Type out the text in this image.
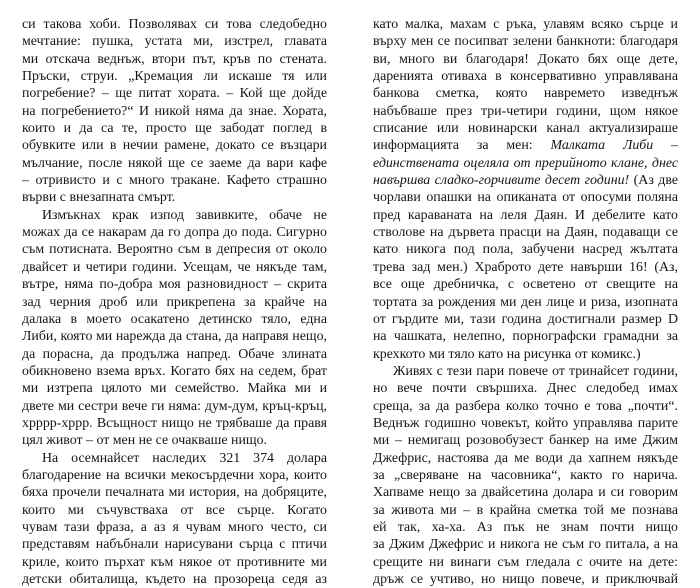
си такова хоби. Позволявах си това следобедно
мечтание: пушка, устата ми, изстрел, главата
ми отскача веднъж, втори път, кръв по стената.
Пръски, струи. „Кремация ли искаше тя или
погребение? – ще питат хората. – Кой ще дойде
на погребението?“ И никой няма да знае. Хората,
които и да са те, просто ще забодат поглед в
обувките или в нечии рамене, докато се възцари
мълчание, после някой ще се заеме да вари кафе
– отривисто и с много тракане. Кафето страшно
върви с внезапната смърт.
Измъкнах крак изпод завивките, обаче не
можах да се накарам да го допра до пода. Сигурно
съм потисната. Вероятно съм в депресия от около
двайсет и четири години. Усещам, че някъде там,
вътре, няма по-добра моя разновидност – скрита
зад черния дроб или прикрепена за крайче на
далака в моето осакатено детинско тяло, една
Либи, която ми нарежда да стана, да направя нещо,
да порасна, да продължа напред. Обаче злината
обикновено взема връх. Когато бях на седем, брат
ми изтрепа цялото ми семейство. Майка ми и
двете ми сестри вече ги няма: дум-дум, кръц-кръц,
хрррр-хррр. Всъщност нищо не трябваше да правя
цял живот – от мен не се очакваше нищо.
На осемнайсет наследих 321 374 долара
благодарение на всички мекосърдечни хора, които
бяха прочели печалната ми история, на добряците,
които ми съчувстваха от все сърце. Когато
чувам тази фраза, а аз я чувам много често, си
представям набъбнали нарисувани сърца с птичи
криле, които пърхат към някое от противните ми
детски обиталища, където на прозореца седя аз
като малка, махам с ръка, улавям всяко сърце и
върху мен се посипват зелени банкноти: благодаря
ви, много ви благодаря! Докато бях още дете,
даренията отиваха в консервативно управлявана
банкова сметка, която навремето изведнъж
набъбваше през три-четири години, щом някое
списание или новинарски канал актуализираше
информацията за мен: Малката Либи –
единствената оцеляла от прерийното клане, днес
навършва сладко-горчивите десет години! (Аз две
чорлави опашки на опиканата от опосуми поляна
пред караваната на леля Даян. И дебелите като
стволове на дървета прасци на Даян, подаващи се
като никога под пола, забучени насред жълтата
трева зад мен.) Храброто дете навърши 16! (Аз,
все още дребничка, с осветено от свещите на
тортата за рождения ми ден лице и риза, изопната
от гърдите ми, тази година достигнали размер D
на чашката, нелепно, порнографски грамадни за
крехкото ми тяло като на рисунка от комикс.)
Живях с тези пари повече от тринайсет години,
но вече почти свършиха. Днес следобед имах
среща, за да разбера колко точно е това „почти“.
Веднъж годишно човекът, който управлява парите
ми – немигащ розовобузест банкер на име Джим
Джефрис, настоява да ме води да хапнем някъде
за „сверяване на часовника“, както го нарича.
Хапваме нещо за двайсетина долара и си говорим
за живота ми – в крайна сметка той ме познава
ей так, ха-ха. Аз пък не знам почти нищо
за Джим Джефрис и никога не съм го питала, а на
срещите ни винаги съм гледала с очите на дете:
дръж се учтиво, но нищо повече, и приключвай
